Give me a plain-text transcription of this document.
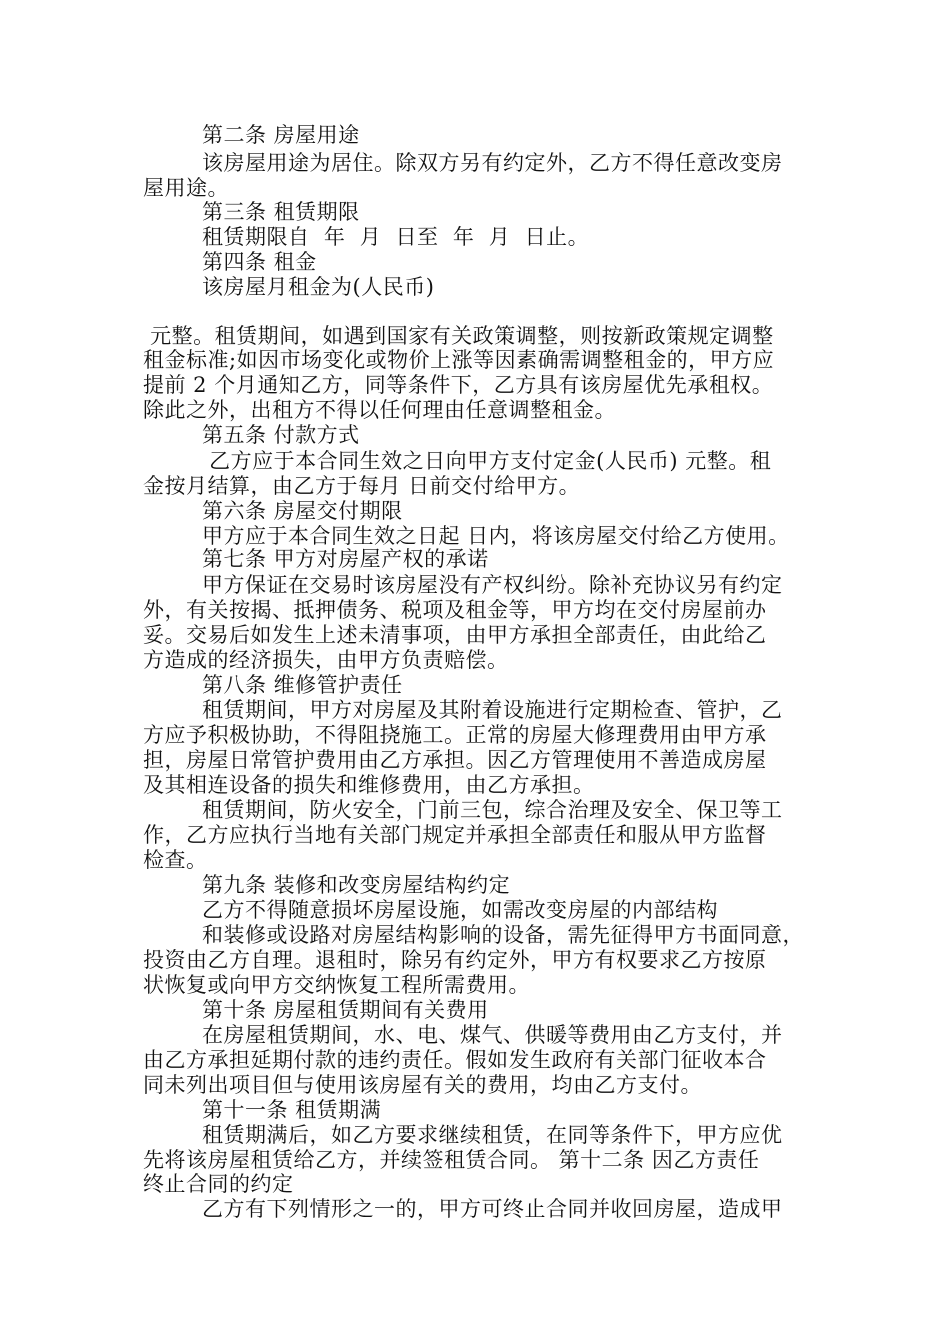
第二条 房屋用途
该房屋用途为居住。除双方另有约定外，乙方不得任意改变房
屋用途。
第三条 租赁期限
租赁期限自  年  月  日至  年  月  日止。
第四条 租金
该房屋月租金为(人民币)
元整。租赁期间，如遇到国家有关政策调整，则按新政策规定调整
租金标准;如因市场变化或物价上涨等因素确需调整租金的，甲方应
提前 2 个月通知乙方，同等条件下，乙方具有该房屋优先承租权。
除此之外，出租方不得以任何理由任意调整租金。
第五条 付款方式
乙方应于本合同生效之日向甲方支付定金(人民币) 元整。租
金按月结算，由乙方于每月 日前交付给甲方。
第六条 房屋交付期限
甲方应于本合同生效之日起 日内，将该房屋交付给乙方使用。
第七条 甲方对房屋产权的承诺
甲方保证在交易时该房屋没有产权纠纷。除补充协议另有约定
外，有关按揭、抵押债务、税项及租金等，甲方均在交付房屋前办
妥。交易后如发生上述未清事项，由甲方承担全部责任，由此给乙
方造成的经济损失，由甲方负责赔偿。
第八条 维修管护责任
租赁期间，甲方对房屋及其附着设施进行定期检查、管护，乙
方应予积极协助，不得阻挠施工。正常的房屋大修理费用由甲方承
担，房屋日常管护费用由乙方承担。因乙方管理使用不善造成房屋
及其相连设备的损失和维修费用，由乙方承担。
租赁期间，防火安全，门前三包，综合治理及安全、保卫等工
作，乙方应执行当地有关部门规定并承担全部责任和服从甲方监督
检查。
第九条 装修和改变房屋结构约定
乙方不得随意损坏房屋设施，如需改变房屋的内部结构
和装修或设路对房屋结构影响的设备，需先征得甲方书面同意，
投资由乙方自理。退租时，除另有约定外，甲方有权要求乙方按原
状恢复或向甲方交纳恢复工程所需费用。
第十条 房屋租赁期间有关费用
在房屋租赁期间，水、电、煤气、供暖等费用由乙方支付，并
由乙方承担延期付款的违约责任。假如发生政府有关部门征收本合
同未列出项目但与使用该房屋有关的费用，均由乙方支付。
第十一条 租赁期满
租赁期满后，如乙方要求继续租赁，在同等条件下，甲方应优
先将该房屋租赁给乙方，并续签租赁合同。 第十二条 因乙方责任
终止合同的约定
乙方有下列情形之一的，甲方可终止合同并收回房屋，造成甲
